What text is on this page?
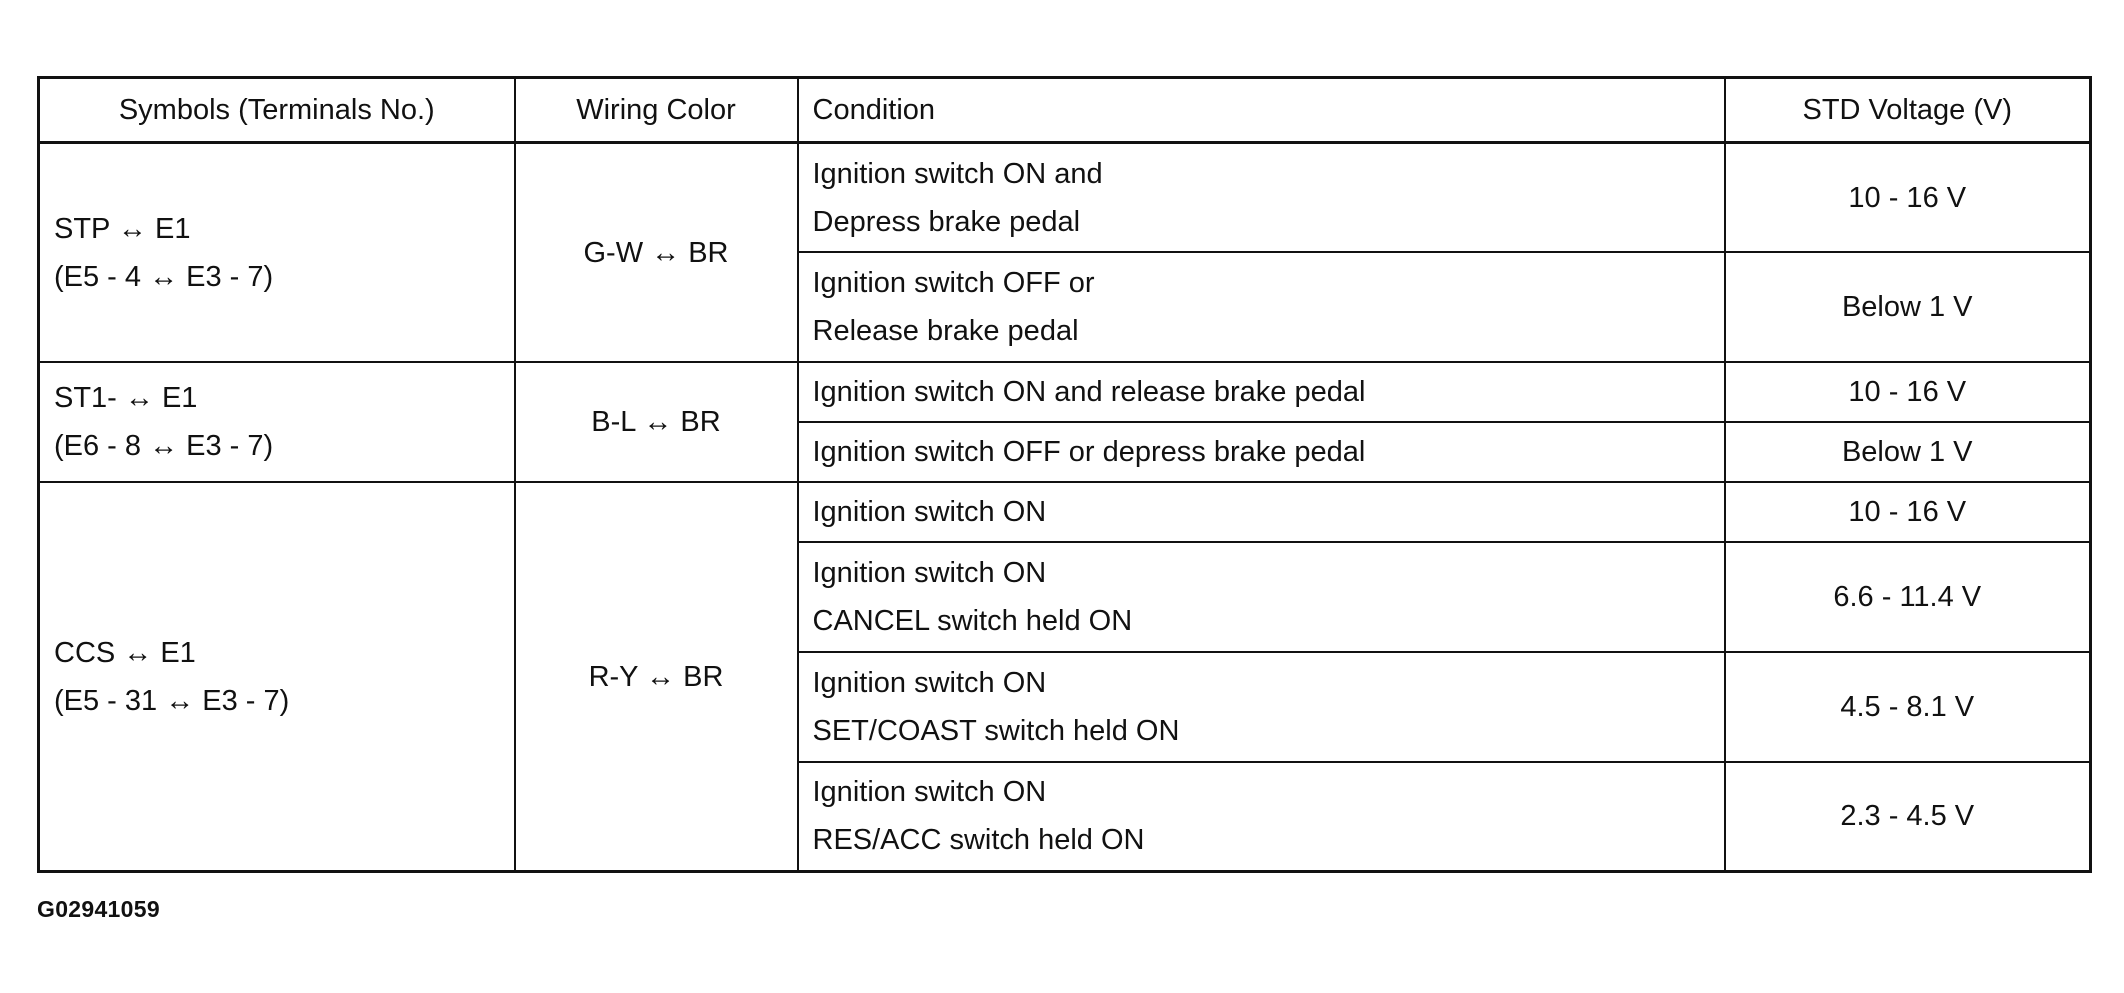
Symbols (Terminals No.)	Wiring Color	Condition	STD Voltage (V)

STP ↔ E1
(E5 - 4 ↔ E3 - 7)	G-W ↔ BR	Ignition switch ON and
Depress brake pedal	10 - 16 V

		Ignition switch OFF or
Release brake pedal	Below 1 V

ST1- ↔ E1
(E6 - 8 ↔ E3 - 7)	B-L ↔ BR	Ignition switch ON and release brake pedal	10 - 16 V
		Ignition switch OFF or depress brake pedal	Below 1 V

CCS ↔ E1
(E5 - 31 ↔ E3 - 7)	R-Y ↔ BR	Ignition switch ON	10 - 16 V

		Ignition switch ON
CANCEL switch held ON	6.6 - 11.4 V

		Ignition switch ON
SET/COAST switch held ON	4.5 - 8.1 V

		Ignition switch ON
RES/ACC switch held ON	2.3 - 4.5 V
G02941059
